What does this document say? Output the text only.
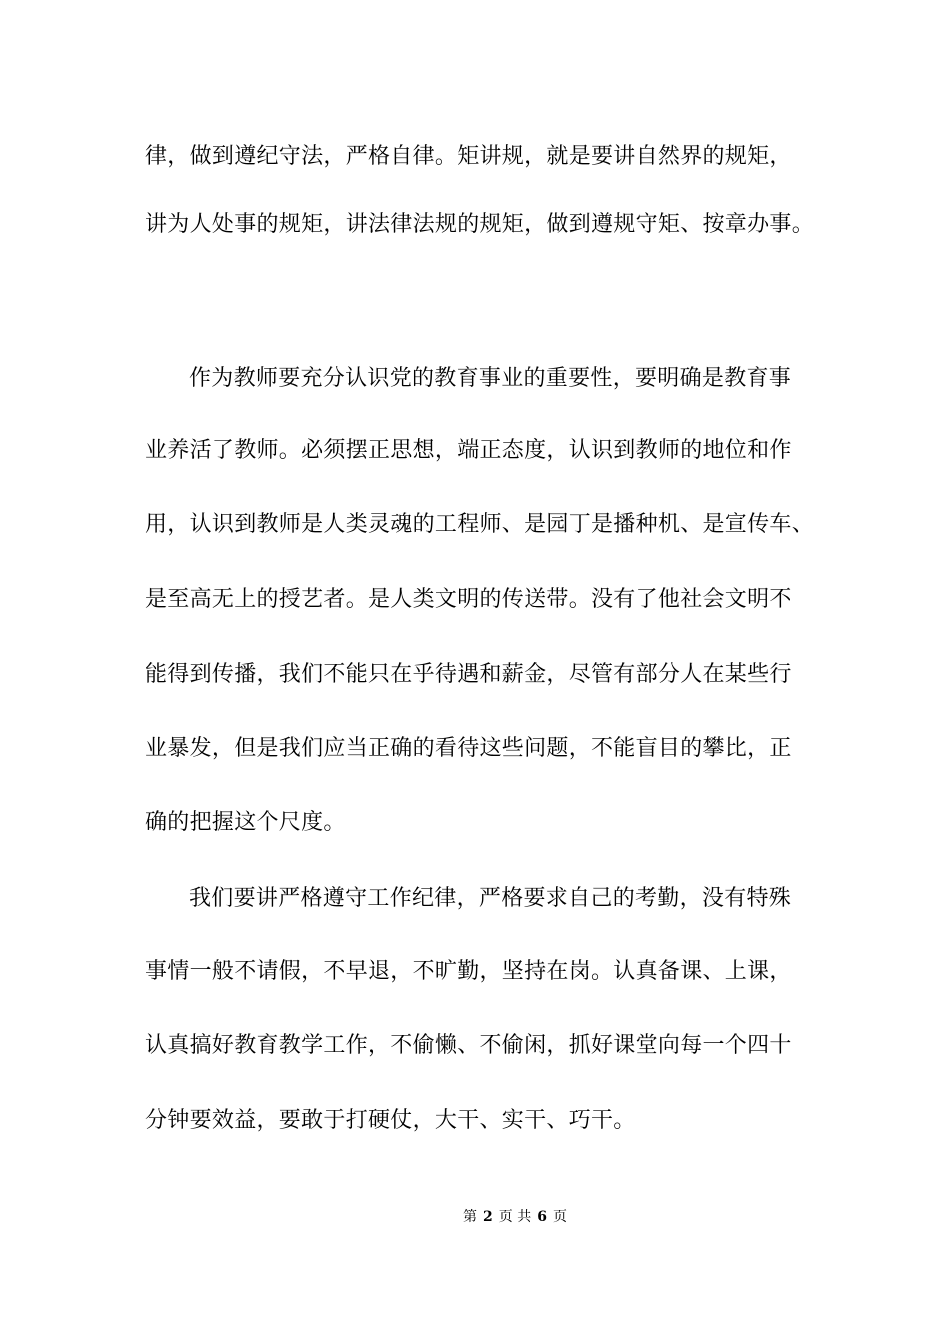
律，做到遵纪守法，严格自律。矩讲规，就是要讲自然界的规矩，
讲为人处事的规矩，讲法律法规的规矩，做到遵规守矩、按章办事。
作为教师要充分认识党的教育事业的重要性，要明确是教育事
业养活了教师。必须摆正思想，端正态度，认识到教师的地位和作
用，认识到教师是人类灵魂的工程师、是园丁是播种机、是宣传车、
是至高无上的授艺者。是人类文明的传送带。没有了他社会文明不
能得到传播，我们不能只在乎待遇和薪金，尽管有部分人在某些行
业暴发，但是我们应当正确的看待这些问题，不能盲目的攀比，正
确的把握这个尺度。
我们要讲严格遵守工作纪律，严格要求自己的考勤，没有特殊
事情一般不请假，不早退，不旷勤，坚持在岗。认真备课、上课，
认真搞好教育教学工作，不偷懒、不偷闲，抓好课堂向每一个四十
分钟要效益，要敢于打硬仗，大干、实干、巧干。
第 2 页 共 6 页
